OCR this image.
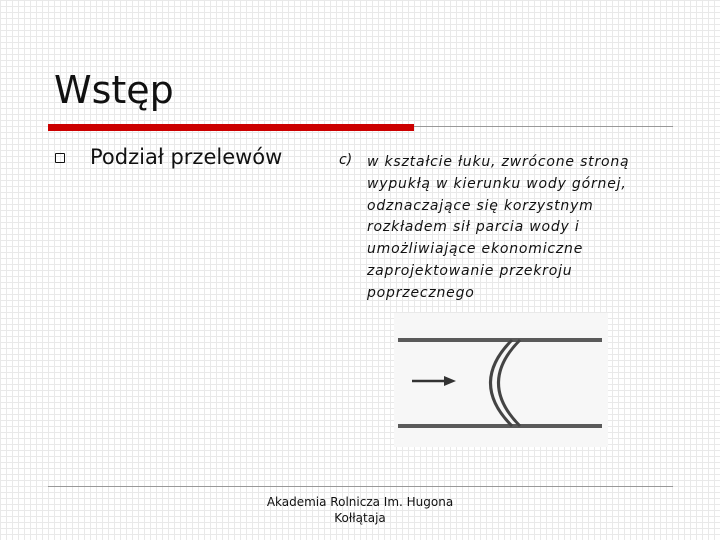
Wstęp

Podział przelewów	c) w kształcie łuku, zwrócone stroną wypukłą w kierunku wody górnej, odznaczające się korzystnym rozkładem sił parcia wody i umożliwiające ekonomiczne zaprojektowanie przekroju poprzecznego

Akademia Rolnicza Im. Hugona
Kołłątaja
